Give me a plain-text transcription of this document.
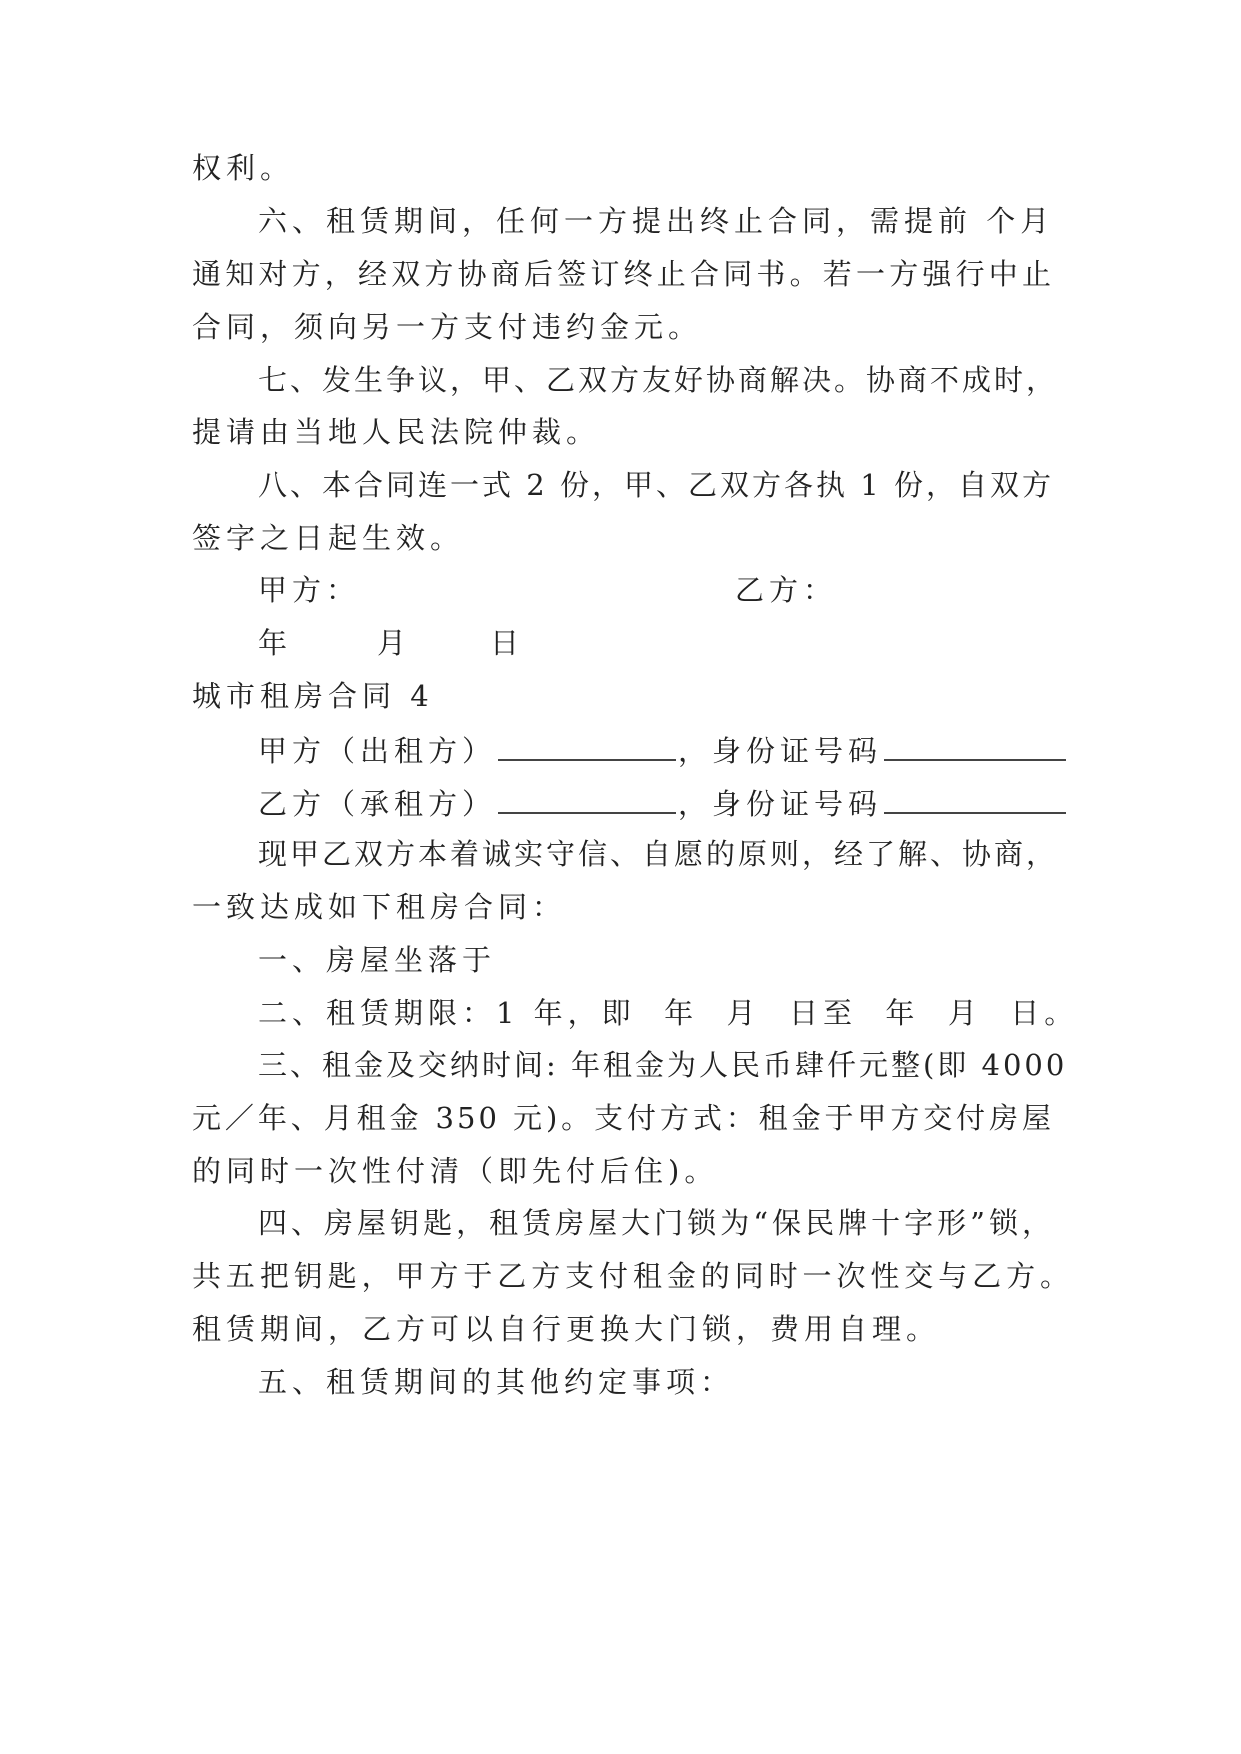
权利。

六、租赁期间，任何一方提出终止合同，需提前 个月

通知对方，经双方协商后签订终止合同书。若一方强行中止

合同，须向另一方支付违约金元。

七、发生争议，甲、乙双方友好协商解决。协商不成时，

提请由当地人民法院仲裁。

八、本合同连一式 2 份，甲、乙双方各执 1 份，自双方

签字之日起生效。

甲方：	乙方：

年	月	日

城市租房合同 4

甲方（出租方）	，身份证号码

乙方（承租方）	，身份证号码

现甲乙双方本着诚实守信、自愿的原则，经了解、协商，

一致达成如下租房合同：

一、房屋坐落于

二、租赁期限：1 年，即  年  月  日至  年  月  日。

三、租金及交纳时间: 年租金为人民币肆仟元整(即 4000

元／年、月租金 350 元)。支付方式：租金于甲方交付房屋

的同时一次性付清（即先付后住)。

四、房屋钥匙，租赁房屋大门锁为“保民牌十字形”锁，

共五把钥匙，甲方于乙方支付租金的同时一次性交与乙方。

租赁期间，乙方可以自行更换大门锁，费用自理。

五、租赁期间的其他约定事项：
